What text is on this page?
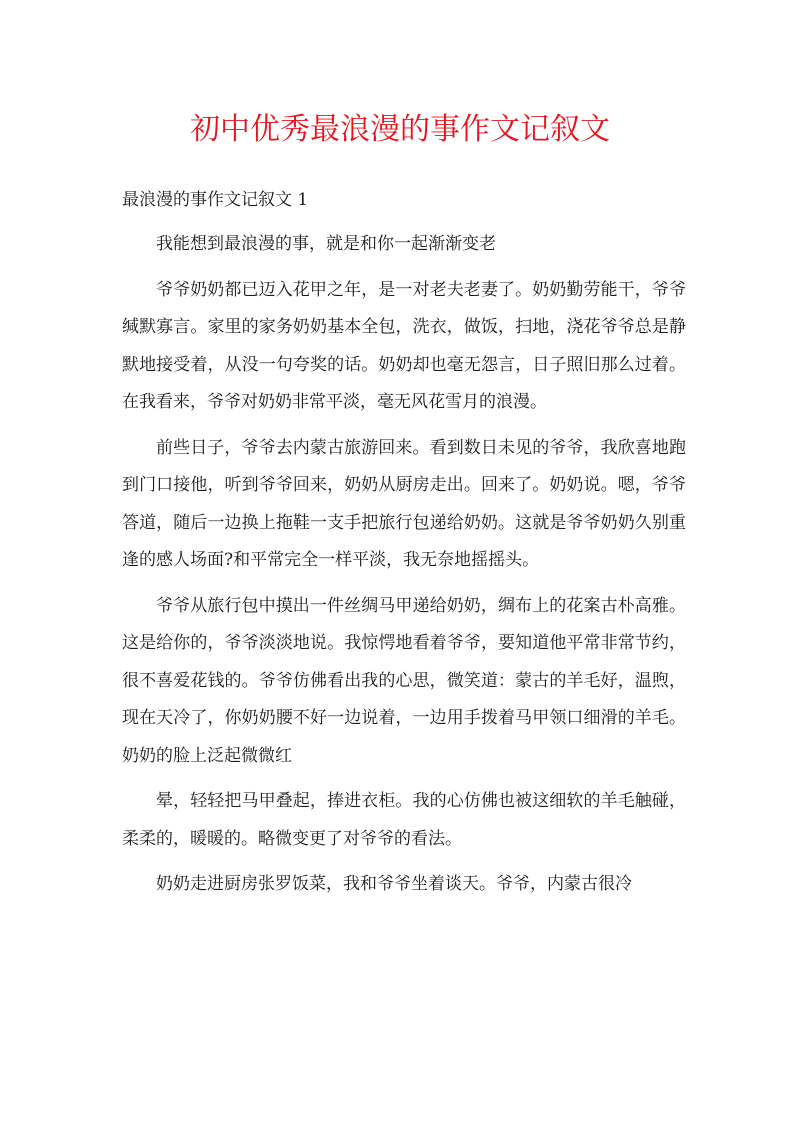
初中优秀最浪漫的事作文记叙文
最浪漫的事作文记叙文 1

我能想到最浪漫的事，就是和你一起渐渐变老

爷爷奶奶都已迈入花甲之年，是一对老夫老妻了。奶奶勤劳能干，爷爷缄默寡言。家里的家务奶奶基本全包，洗衣，做饭，扫地，浇花爷爷总是静默地接受着，从没一句夸奖的话。奶奶却也毫无怨言，日子照旧那么过着。在我看来，爷爷对奶奶非常平淡，毫无风花雪月的浪漫。

前些日子，爷爷去内蒙古旅游回来。看到数日未见的爷爷，我欣喜地跑到门口接他，听到爷爷回来，奶奶从厨房走出。回来了。奶奶说。嗯，爷爷答道，随后一边换上拖鞋一支手把旅行包递给奶奶。这就是爷爷奶奶久别重逢的感人场面?和平常完全一样平淡，我无奈地摇摇头。

爷爷从旅行包中摸出一件丝绸马甲递给奶奶，绸布上的花案古朴高雅。这是给你的，爷爷淡淡地说。我惊愕地看着爷爷，要知道他平常非常节约，很不喜爱花钱的。爷爷仿佛看出我的心思，微笑道：蒙古的羊毛好，温煦，现在天冷了，你奶奶腰不好一边说着，一边用手拨着马甲领口细滑的羊毛。奶奶的脸上泛起微微红

晕，轻轻把马甲叠起，捧进衣柜。我的心仿佛也被这细软的羊毛触碰，柔柔的，暖暖的。略微变更了对爷爷的看法。

奶奶走进厨房张罗饭菜，我和爷爷坐着谈天。爷爷，内蒙古很冷
